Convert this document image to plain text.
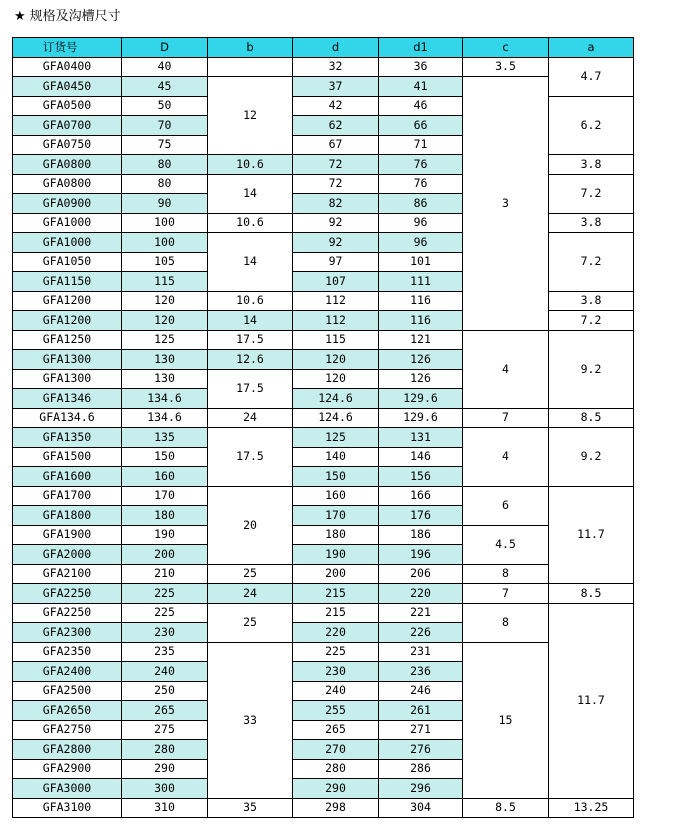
★ 规格及沟槽尺寸
订货号	D	b	d	d1	c	a
GFA0400	40		32	36	3.5	4.7
GFA0450	45	12	37	41	3	
GFA0500	50		42	46		6.2
GFA0700	70		62	66		
GFA0750	75		67	71		
GFA0800	80	10.6	72	76		3.8
GFA0800	80	14	72	76		7.2
GFA0900	90		82	86		
GFA1000	100	10.6	92	96		3.8
GFA1000	100	14	92	96		7.2
GFA1050	105		97	101		
GFA1150	115		107	111		
GFA1200	120	10.6	112	116		3.8
GFA1200	120	14	112	116		7.2
GFA1250	125	17.5	115	121	4	9.2
GFA1300	130	12.6	120	126		
GFA1300	130	17.5	120	126		
GFA1346	134.6		124.6	129.6		
GFA134.6	134.6	24	124.6	129.6	7	8.5
GFA1350	135	17.5	125	131	4	9.2
GFA1500	150		140	146		
GFA1600	160		150	156		
GFA1700	170	20	160	166	6	11.7
GFA1800	180		170	176		
GFA1900	190		180	186	4.5	
GFA2000	200		190	196		
GFA2100	210	25	200	206	8	
GFA2250	225	24	215	220	7	8.5
GFA2250	225	25	215	221	8	11.7
GFA2300	230		220	226		
GFA2350	235	33	225	231	15	
GFA2400	240		230	236		
GFA2500	250		240	246		
GFA2650	265		255	261		
GFA2750	275		265	271		
GFA2800	280		270	276		
GFA2900	290		280	286		
GFA3000	300		290	296		
GFA3100	310	35	298	304	8.5	13.25
